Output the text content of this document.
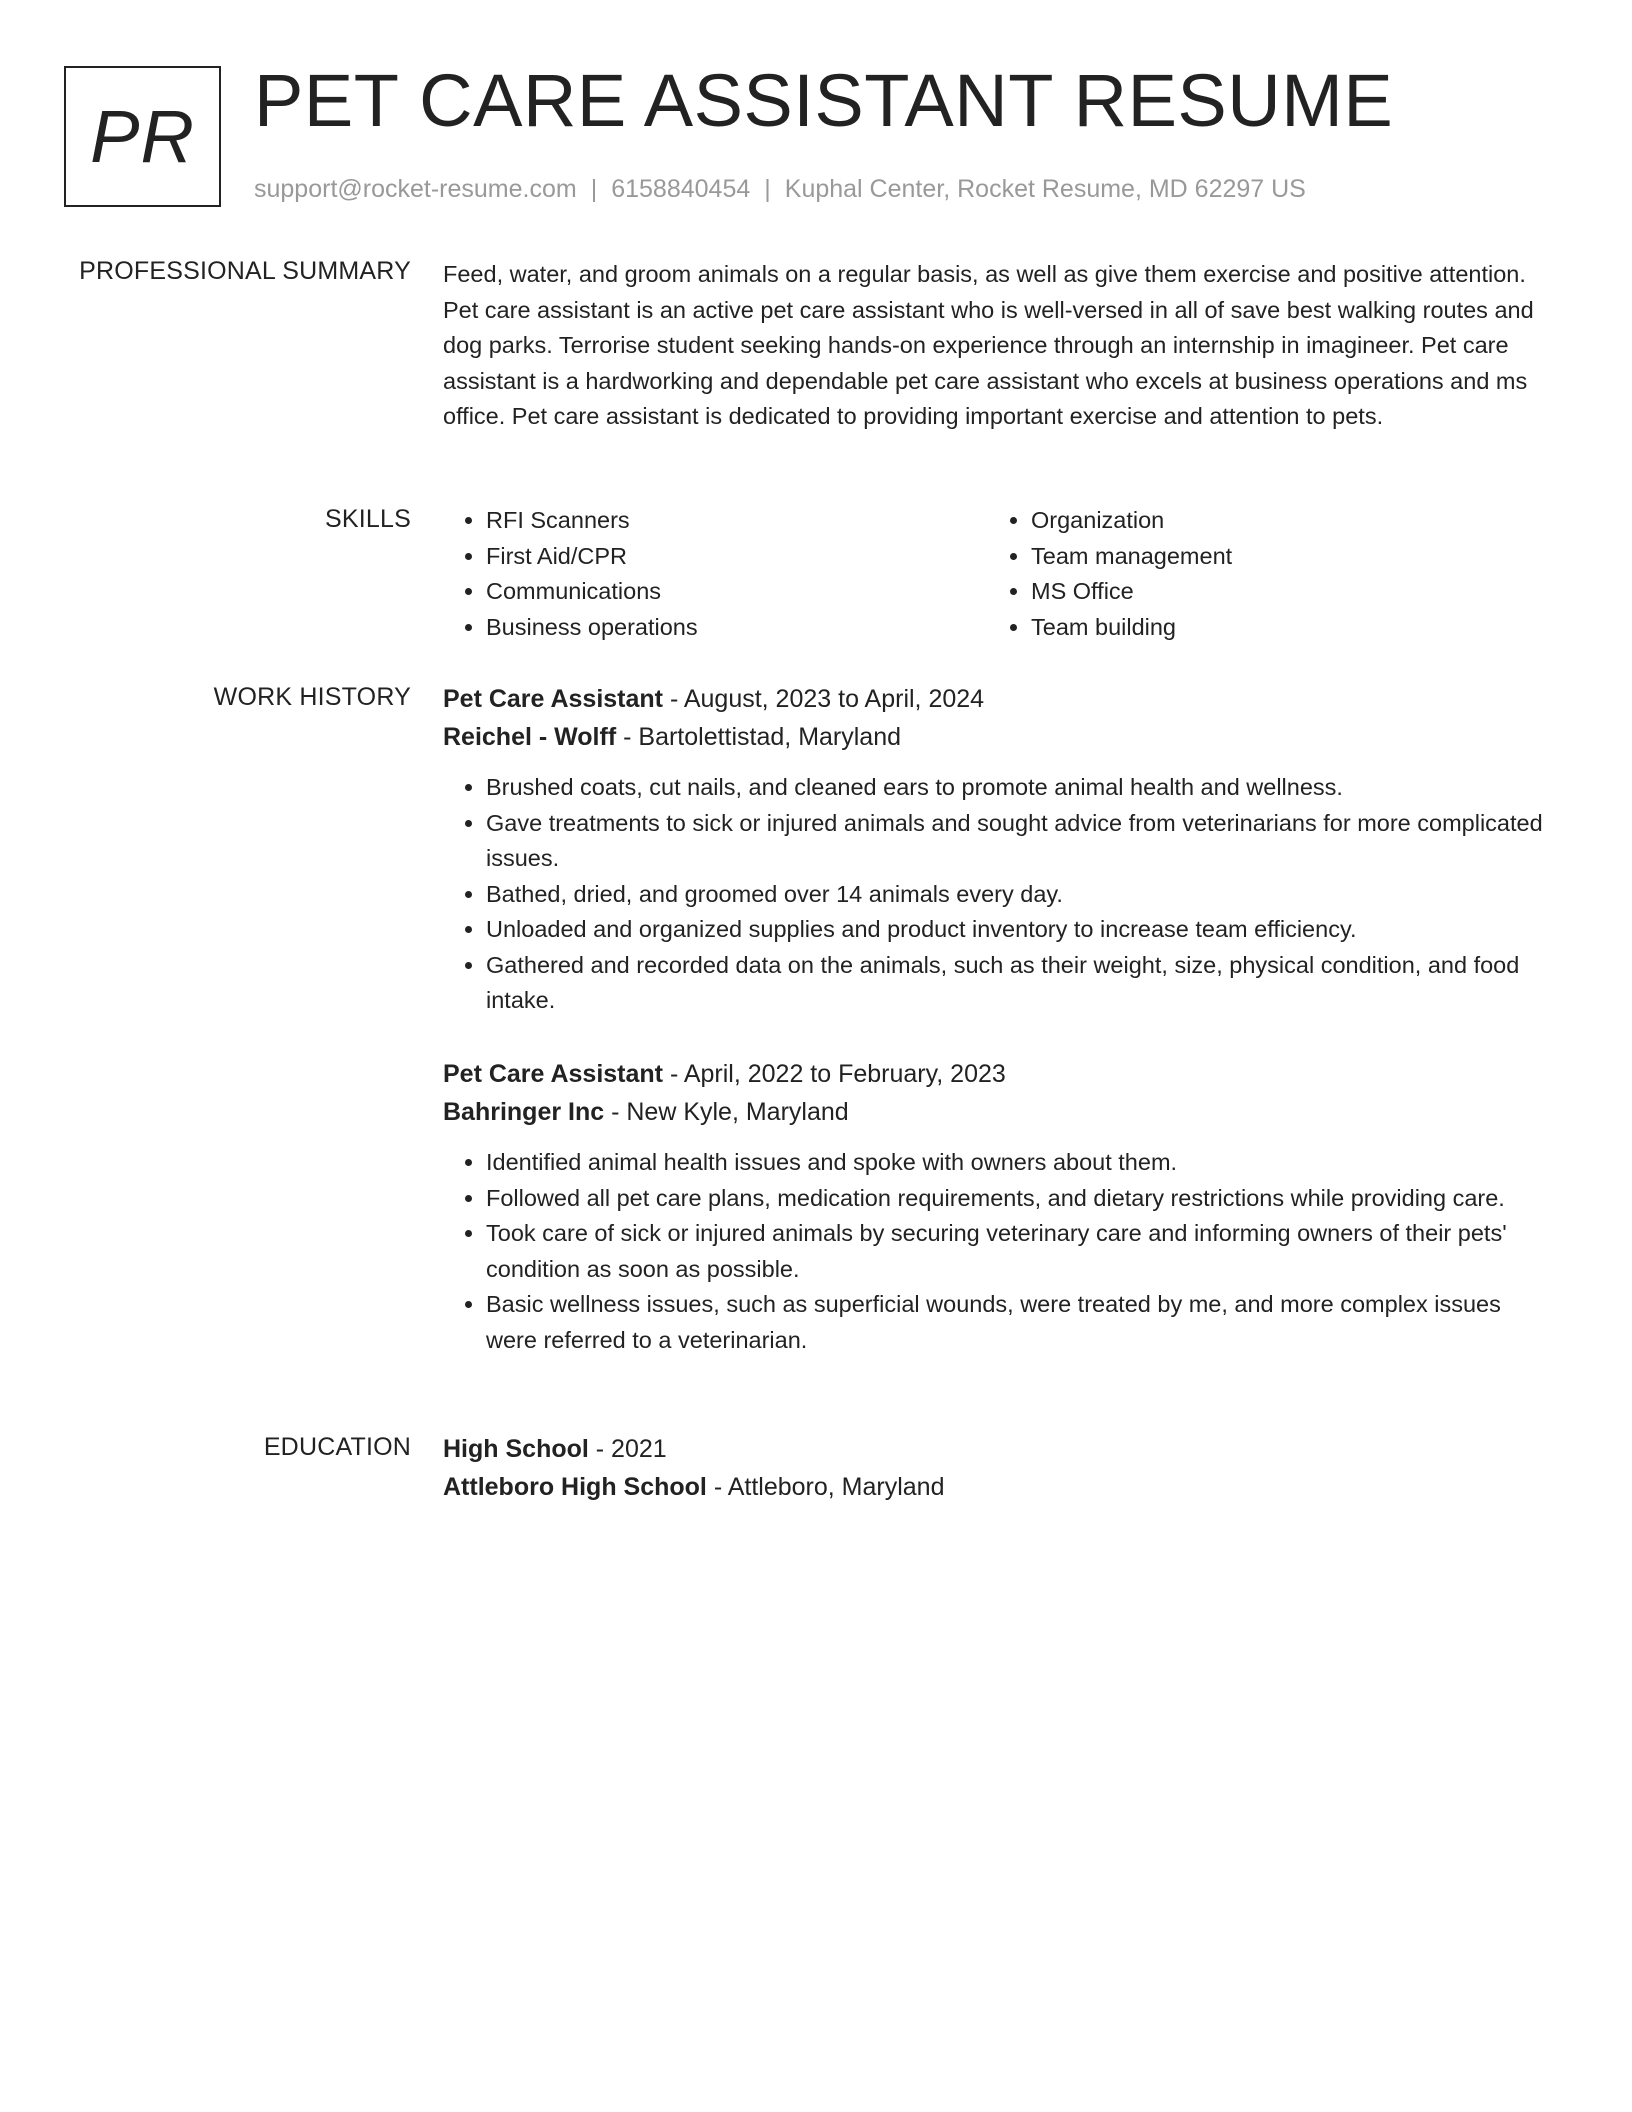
PR PET CARE ASSISTANT RESUME
support@rocket-resume.com | 6158840454 | Kuphal Center, Rocket Resume, MD 62297 US
PROFESSIONAL SUMMARY Feed, water, and groom animals on a regular basis, as well as give them exercise and positive attention. Pet care assistant is an active pet care assistant who is well-versed in all of save best walking routes and dog parks. Terrorise student seeking hands-on experience through an internship in imagineer. Pet care assistant is a hardworking and dependable pet care assistant who excels at business operations and ms office. Pet care assistant is dedicated to providing important exercise and attention to pets.

SKILLS
•	RFI Scanners
• First Aid/CPR
• Communications
• Business operations
• Organization
• Team management
• MS Office
• Team building
WORK HISTORY Pet Care Assistant - August, 2023 to April, 2024
Reichel - Wolff - Bartolettistad, Maryland
• Brushed coats, cut nails, and cleaned ears to promote animal health and wellness.
• Gave treatments to sick or injured animals and sought advice from veterinarians for more complicated issues.
• Bathed, dried, and groomed over 14 animals every day.
• Unloaded and organized supplies and product inventory to increase team efficiency.
• Gathered and recorded data on the animals, such as their weight, size, physical condition, and food intake.
Pet Care Assistant - April, 2022 to February, 2023
Bahringer Inc - New Kyle, Maryland
• Identified animal health issues and spoke with owners about them.
• Followed all pet care plans, medication requirements, and dietary restrictions while providing care.
• Took care of sick or injured animals by securing veterinary care and informing owners of their pets' condition as soon as possible.
• Basic wellness issues, such as superficial wounds, were treated by me, and more complex issues were referred to a veterinarian.
EDUCATION High School - 2021
Attleboro High School - Attleboro, Maryland
